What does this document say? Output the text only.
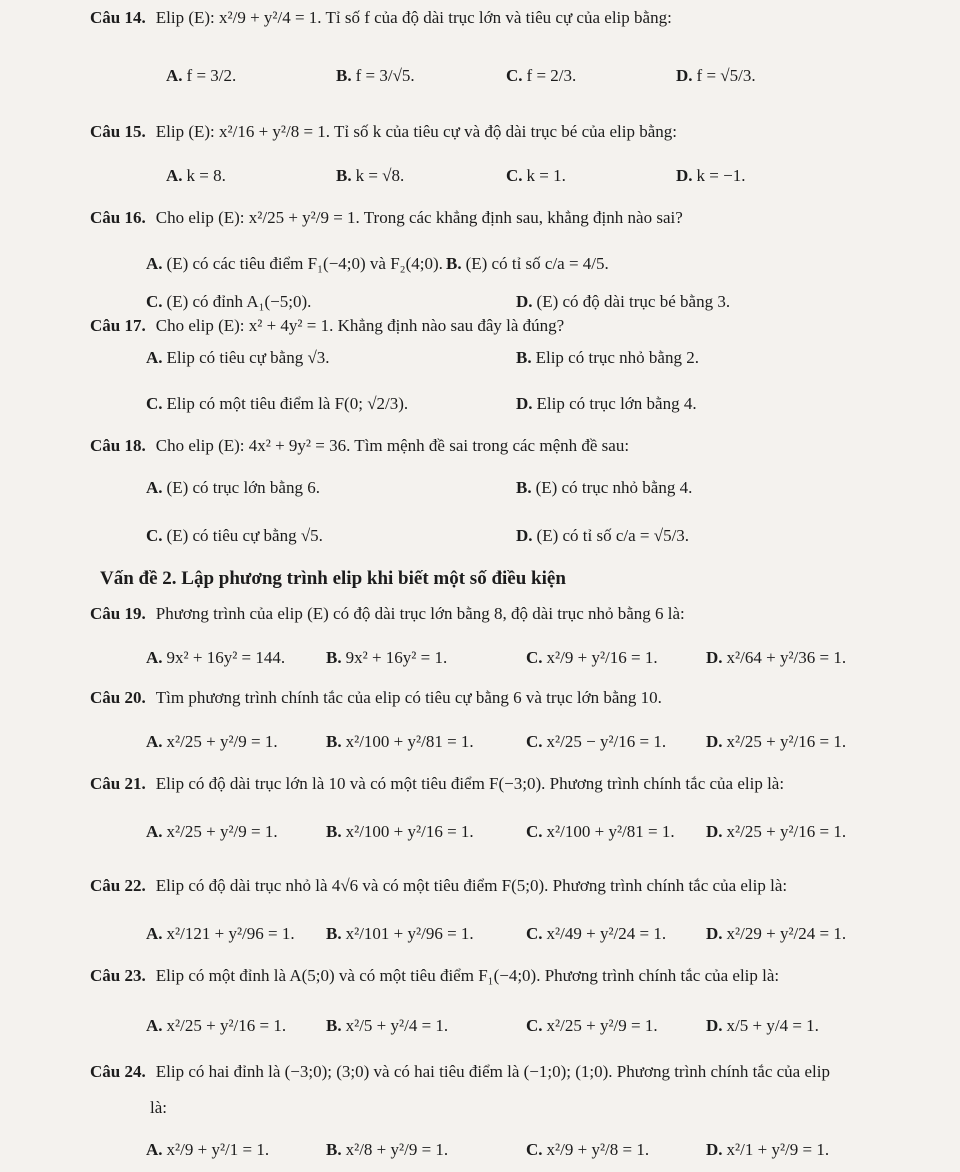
Câu 14. Elip (E): x²/9 + y²/4 = 1. Tỉ số f của độ dài trục lớn và tiêu cự của elip bằng:
A. f = 3/2.	B. f = 3/√5.	C. f = 2/3.	D. f = √5/3.
Câu 15. Elip (E): x²/16 + y²/8 = 1. Tỉ số k của tiêu cự và độ dài trục bé của elip bằng:
A. k = 8.	B. k = √8.	C. k = 1.	D. k = −1.
Câu 16. Cho elip (E): x²/25 + y²/9 = 1. Trong các khẳng định sau, khẳng định nào sai?
A. (E) có các tiêu điểm F₁(−4;0) và F₂(4;0). B. (E) có tỉ số c/a = 4/5.
C. (E) có đỉnh A₁(−5;0).	D. (E) có độ dài trục bé bằng 3.
Câu 17. Cho elip (E): x² + 4y² = 1. Khẳng định nào sau đây là đúng?
A. Elip có tiêu cự bằng √3.	B. Elip có trục nhỏ bằng 2.
C. Elip có một tiêu điểm là F(0; √2/3).	D. Elip có trục lớn bằng 4.
Câu 18. Cho elip (E): 4x² + 9y² = 36. Tìm mệnh đề sai trong các mệnh đề sau:
A. (E) có trục lớn bằng 6.	B. (E) có trục nhỏ bằng 4.
C. (E) có tiêu cự bằng √5.	D. (E) có tỉ số c/a = √5/3.
Vấn đề 2. Lập phương trình elip khi biết một số điều kiện
Câu 19. Phương trình của elip (E) có độ dài trục lớn bằng 8, độ dài trục nhỏ bằng 6 là:
A. 9x² + 16y² = 144. B. 9x² + 16y² = 1.	C. x²/9 + y²/16 = 1.	D. x²/64 + y²/36 = 1.
Câu 20. Tìm phương trình chính tắc của elip có tiêu cự bằng 6 và trục lớn bằng 10.
A. x²/25 + y²/9 = 1.	B. x²/100 + y²/81 = 1.	C. x²/25 − y²/16 = 1. D. x²/25 + y²/16 = 1.
Câu 21. Elip có độ dài trục lớn là 10 và có một tiêu điểm F(−3;0). Phương trình chính tắc của elip là:
A. x²/25 + y²/9 = 1.	B. x²/100 + y²/16 = 1.	C. x²/100 + y²/81 = 1. D. x²/25 + y²/16 = 1.
Câu 22. Elip có độ dài trục nhỏ là 4√6 và có một tiêu điểm F(5;0). Phương trình chính tắc của elip là:
A. x²/121 + y²/96 = 1. B. x²/101 + y²/96 = 1.	C. x²/49 + y²/24 = 1. D. x²/29 + y²/24 = 1.
Câu 23. Elip có một đỉnh là A(5;0) và có một tiêu điểm F₁(−4;0). Phương trình chính tắc của elip là:
A. x²/25 + y²/16 = 1. B. x²/5 + y²/4 = 1.	C. x²/25 + y²/9 = 1.	D. x/5 + y/4 = 1.
Câu 24. Elip có hai đỉnh là (−3;0); (3;0) và có hai tiêu điểm là (−1;0); (1;0). Phương trình chính tắc của elip
là:
A. x²/9 + y²/1 = 1.	B. x²/8 + y²/9 = 1.	C. x²/9 + y²/8 = 1.	D. x²/1 + y²/9 = 1.
